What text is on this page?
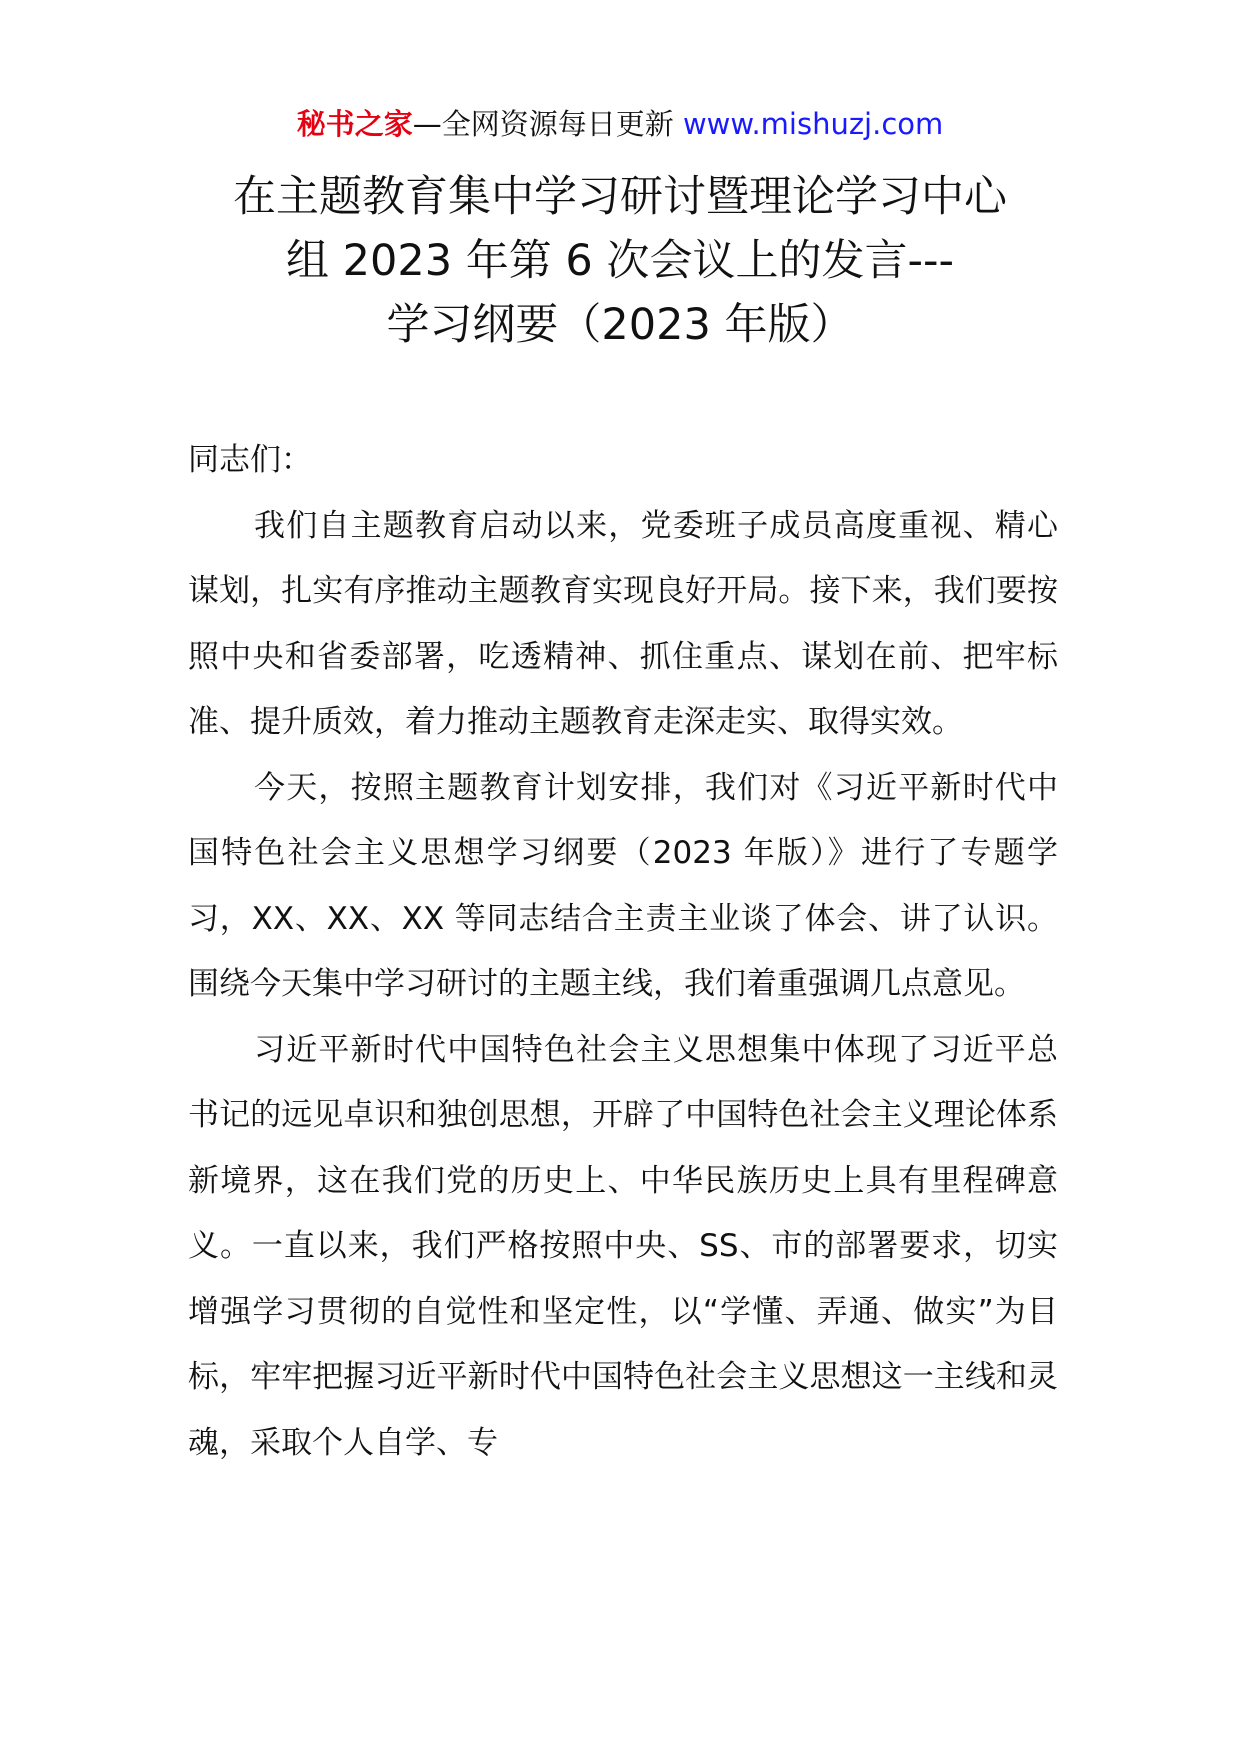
秘书之家—全网资源每日更新 www.mishuzj.com
在主题教育集中学习研讨暨理论学习中心
组 2023 年第 6 次会议上的发言---
学习纲要（2023 年版）

同志们：

我们自主题教育启动以来，党委班子成员高度重视、精心谋划，扎实有序推动主题教育实现良好开局。接下来，我们要按照中央和省委部署，吃透精神、抓住重点、谋划在前、把牢标准、提升质效，着力推动主题教育走深走实、取得实效。

今天，按照主题教育计划安排，我们对《习近平新时代中国特色社会主义思想学习纲要（2023 年版）》进行了专题学习，XX、XX、XX 等同志结合主责主业谈了体会、讲了认识。围绕今天集中学习研讨的主题主线，我们着重强调几点意见。

习近平新时代中国特色社会主义思想集中体现了习近平总书记的远见卓识和独创思想，开辟了中国特色社会主义理论体系新境界，这在我们党的历史上、中华民族历史上具有里程碑意义。一直以来，我们严格按照中央、SS、市的部署要求，切实增强学习贯彻的自觉性和坚定性，以“学懂、弄通、做实”为目标，牢牢把握习近平新时代中国特色社会主义思想这一主线和灵魂，采取个人自学、专
